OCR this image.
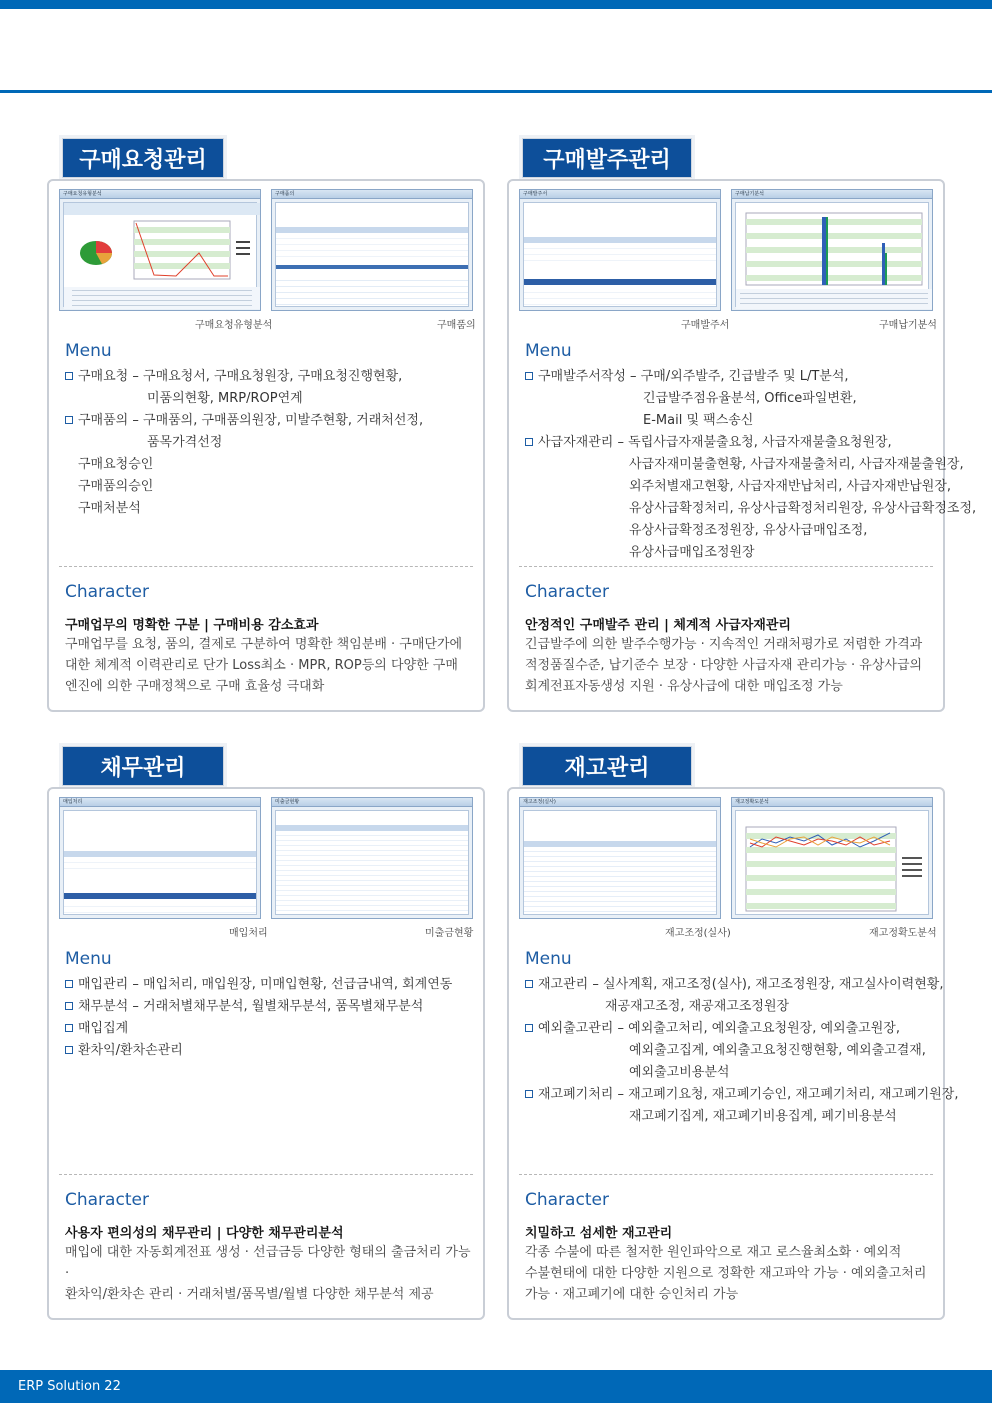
구매요청관리
구매요청유형분석	구매품의
구매요청유형분석	구매품의
Menu
구매요청 – 구매요청서, 구매요청원장, 구매요청진행현황,
미품의현황, MRP/ROP연계
구매품의 – 구매품의, 구매품의원장, 미발주현황, 거래처선정,
품목가격선정
구매요청승인
구매품의승인
구매처분석
Character
구매업무의 명확한 구분 | 구매비용 감소효과
구매업무를 요청, 품의, 결제로 구분하여 명확한 책임분배 · 구매단가에
대한 체계적 이력관리로 단가 Loss최소 · MPR, ROP등의 다양한 구매
엔진에 의한 구매정책으로 구매 효율성 극대화
구매발주관리
구매발주서	구매납기분석
구매발주서	구매납기분석
Menu
구매발주서작성 – 구매/외주발주, 긴급발주 및 L/T분석,
긴급발주점유율분석, Office파일변환,
E-Mail 및 팩스송신
사급자재관리 – 독립사급자재불출요청, 사급자재불출요청원장,
사급자재미불출현황, 사급자재불출처리, 사급자재불출원장,
외주처별재고현황, 사급자재반납처리, 사급자재반납원장,
유상사급확정처리, 유상사급확정처리원장, 유상사급확정조정,
유상사급확정조정원장, 유상사급매입조정,
유상사급매입조정원장
Character
안정적인 구매발주 관리 | 체계적 사급자재관리
긴급발주에 의한 발주수행가능 · 지속적인 거래처평가로 저렴한 가격과
적정품질수준, 납기준수 보장 · 다양한 사급자재 관리가능 · 유상사급의
회계전표자동생성 지원 · 유상사급에 대한 매입조정 가능
채무관리
매입처리	미출금현황
매입처리	미출금현황
Menu
매입관리 – 매입처리, 매입원장, 미매입현황, 선급금내역, 회계연동
채무분석 – 거래처별채무분석, 월별채무분석, 품목별채무분석
매입집계
환차익/환차손관리
Character
사용자 편의성의 채무관리 | 다양한 채무관리분석
매입에 대한 자동회계전표 생성 · 선급금등 다양한 형태의 출금처리 가능 ·
환차익/환차손 관리 · 거래처별/품목별/월별 다양한 채무분석 제공
재고관리
재고조정(실사)	재고정확도분석
재고조정(실사)	재고정확도분석
Menu
재고관리 – 실사계획, 재고조정(실사), 재고조정원장, 재고실사이력현황,
재공재고조정, 재공재고조정원장
예외출고관리 – 예외출고처리, 예외출고요청원장, 예외출고원장,
예외출고집계, 예외출고요청진행현황, 예외출고결재,
예외출고비용분석
재고폐기처리 – 재고폐기요청, 재고폐기승인, 재고폐기처리, 재고폐기원장,
재고폐기집계, 재고폐기비용집계, 폐기비용분석
Character
치밀하고 섬세한 재고관리
각종 수불에 따른 철저한 원인파악으로 재고 로스율최소화 · 예외적
수불현태에 대한 다양한 지원으로 정확한 재고파악 가능 · 예외출고처리
가능 · 재고폐기에 대한 승인처리 가능
ERP Solution 22
